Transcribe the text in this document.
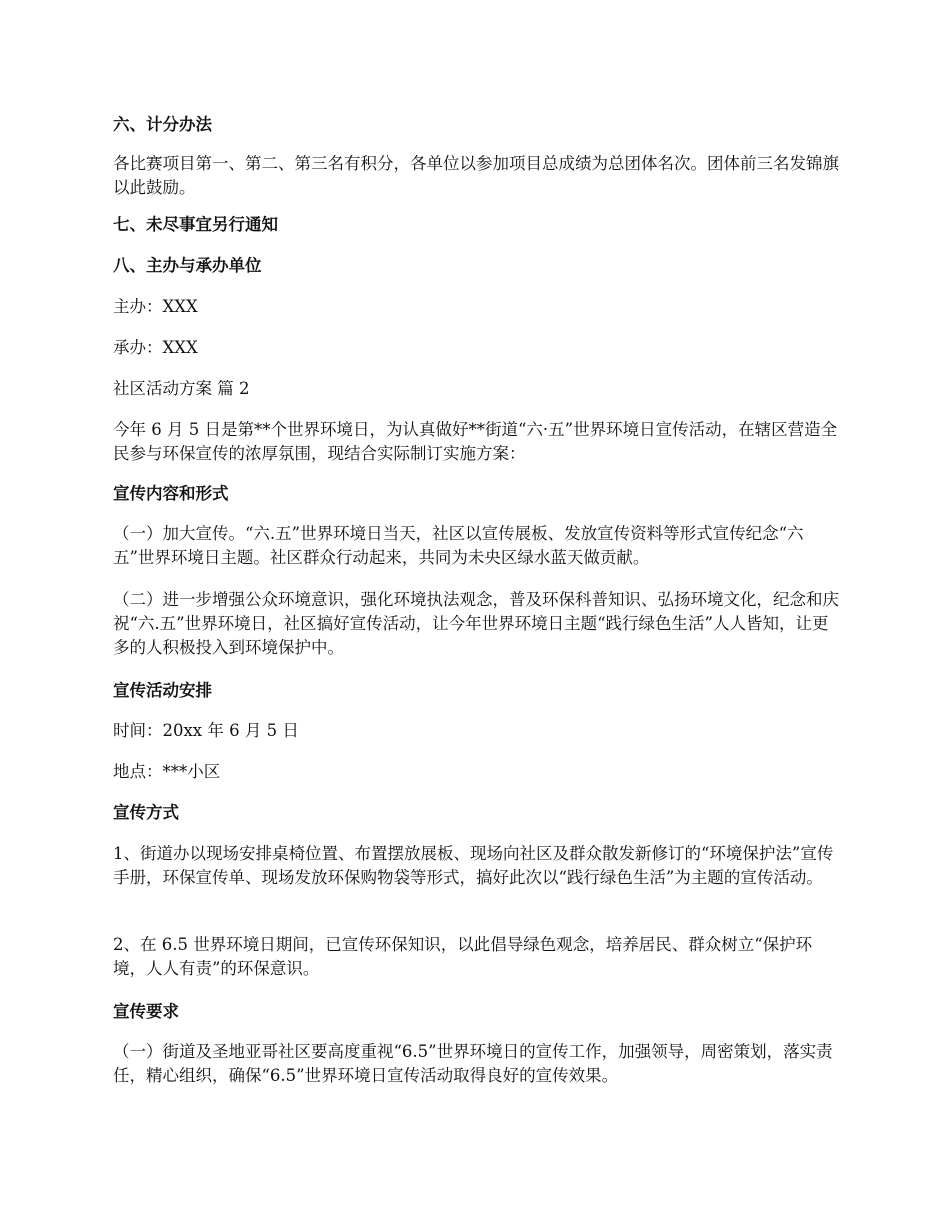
六、计分办法

各比赛项目第一、第二、第三名有积分，各单位以参加项目总成绩为总团体名次。团体前三名发锦旗以此鼓励。

七、未尽事宜另行通知

八、主办与承办单位

主办：XXX

承办：XXX

社区活动方案 篇 2

今年 6 月 5 日是第**个世界环境日，为认真做好**街道“六·五”世界环境日宣传活动，在辖区营造全民参与环保宣传的浓厚氛围，现结合实际制订实施方案：

宣传内容和形式

（一）加大宣传。“六.五”世界环境日当天，社区以宣传展板、发放宣传资料等形式宣传纪念“六五”世界环境日主题。社区群众行动起来，共同为未央区绿水蓝天做贡献。

（二）进一步增强公众环境意识，强化环境执法观念，普及环保科普知识、弘扬环境文化，纪念和庆祝“六.五”世界环境日，社区搞好宣传活动，让今年世界环境日主题“践行绿色生活”人人皆知，让更多的人积极投入到环境保护中。

宣传活动安排

时间：20xx 年 6 月 5 日

地点：***小区

宣传方式

1、街道办以现场安排桌椅位置、布置摆放展板、现场向社区及群众散发新修订的“环境保护法”宣传手册，环保宣传单、现场发放环保购物袋等形式，搞好此次以“践行绿色生活”为主题的宣传活动。

2、在 6.5 世界环境日期间，已宣传环保知识，以此倡导绿色观念，培养居民、群众树立“保护环境，人人有责”的环保意识。

宣传要求

（一）街道及圣地亚哥社区要高度重视“6.5”世界环境日的宣传工作，加强领导，周密策划，落实责任，精心组织，确保“6.5”世界环境日宣传活动取得良好的宣传效果。
